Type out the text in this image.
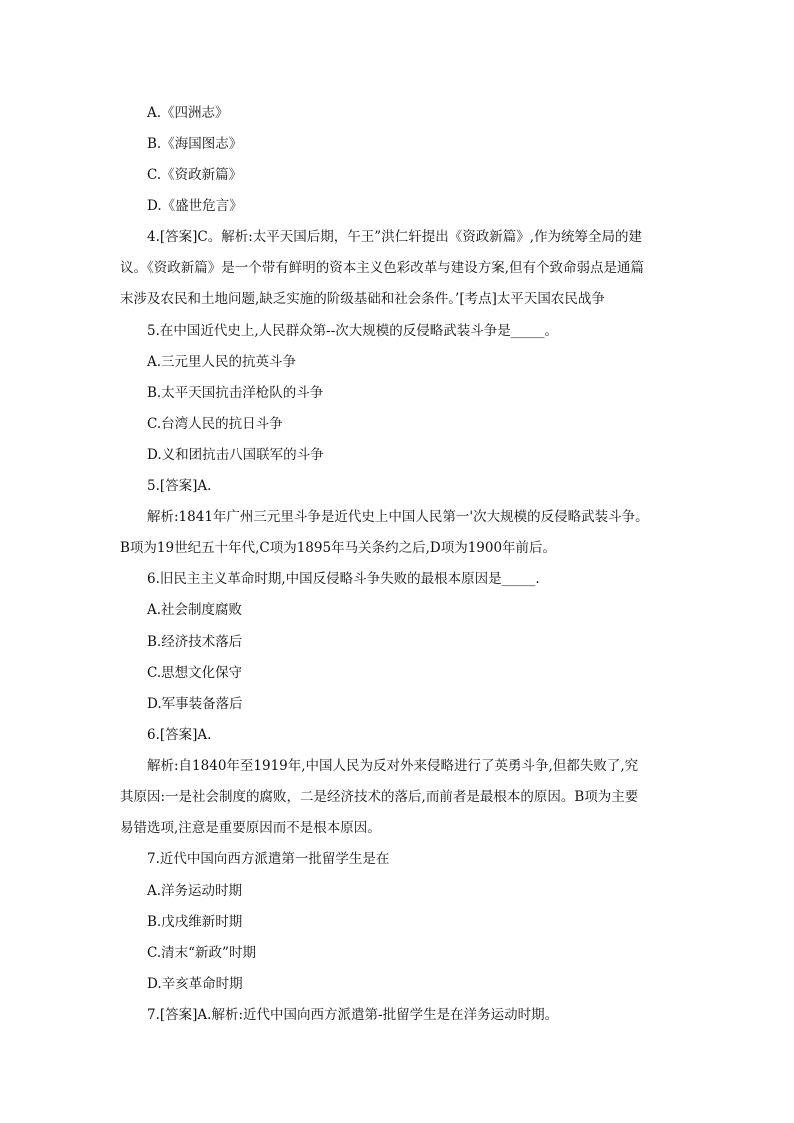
A.《四洲志》
B.《海国图志》
C.《资政新篇》
D.《盛世危言》
4.[答案]C。解析:太平天国后期，午王”洪仁轩提出《资政新篇》,作为统筹全局的建
议。《资政新篇》是一个带有鲜明的资本主义色彩改革与建设方案,但有个致命弱点是通篇
末涉及农民和土地问题,缺乏实施的阶级基础和社会条件。’[考点]太平天国农民战争
5.在中国近代史上,人民群众第--次大规模的反侵略武装斗争是_____。
A.三元里人民的抗英斗争
B.太平天国抗击洋枪队的斗争
C.台湾人民的抗日斗争
D.义和团抗击八国联军的斗争
5.[答案]A.
解析:1841年广州三元里斗争是近代史上中国人民第一'次大规模的反侵略武装斗争。
B项为19世纪五十年代,C项为1895年马关条约之后,D项为1900年前后。
6.旧民主主义革命时期,中国反侵略斗争失败的最根本原因是_____.
A.社会制度腐败
B.经济技术落后
C.思想文化保守
D.军事装备落后
6.[答案]A.
解析:自1840年至1919年,中国人民为反对外来侵略进行了英勇斗争,但都失败了,究
其原因:一是社会制度的腐败，二是经济技术的落后,而前者是最根本的原因。B项为主要
易错选项,注意是重要原因而不是根本原因。
7.近代中国向西方派遣第一批留学生是在
A.洋务运动时期
B.戊戌维新时期
C.清末“新政”时期
D.辛亥革命时期
7.[答案]A.解析:近代中国向西方派遣第-批留学生是在洋务运动时期。
